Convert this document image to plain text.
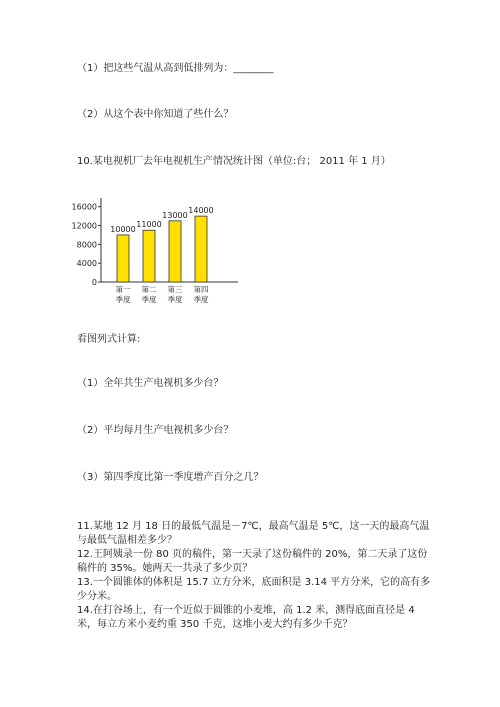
（1）把这些气温从高到低排列为：________
（2）从这个表中你知道了些什么？
10.某电视机厂去年电视机生产情况统计图（单位:台； 2011 年 1 月）
0
4000
8000
12000
16000
10000
第一
季度
11000
第二
季度
13000
第三
季度
14000
第四
季度
看图列式计算:
（1）全年共生产电视机多少台？
（2）平均每月生产电视机多少台？
（3）第四季度比第一季度增产百分之几？
11.某地 12 月 18 日的最低气温是－7℃，最高气温是 5℃，这一天的最高气温
与最低气温相差多少？
12.王阿姨录一份 80 页的稿件，第一天录了这份稿件的 20%，第二天录了这份
稿件的 35%。她两天一共录了多少页？
13.一个圆锥体的体积是 15.7 立方分米，底面积是 3.14 平方分米，它的高有多
少分米。
14.在打谷场上，有一个近似于圆锥的小麦堆，高 1.2 米，测得底面直径是 4
米，每立方米小麦约重 350 千克，这堆小麦大约有多少千克？
